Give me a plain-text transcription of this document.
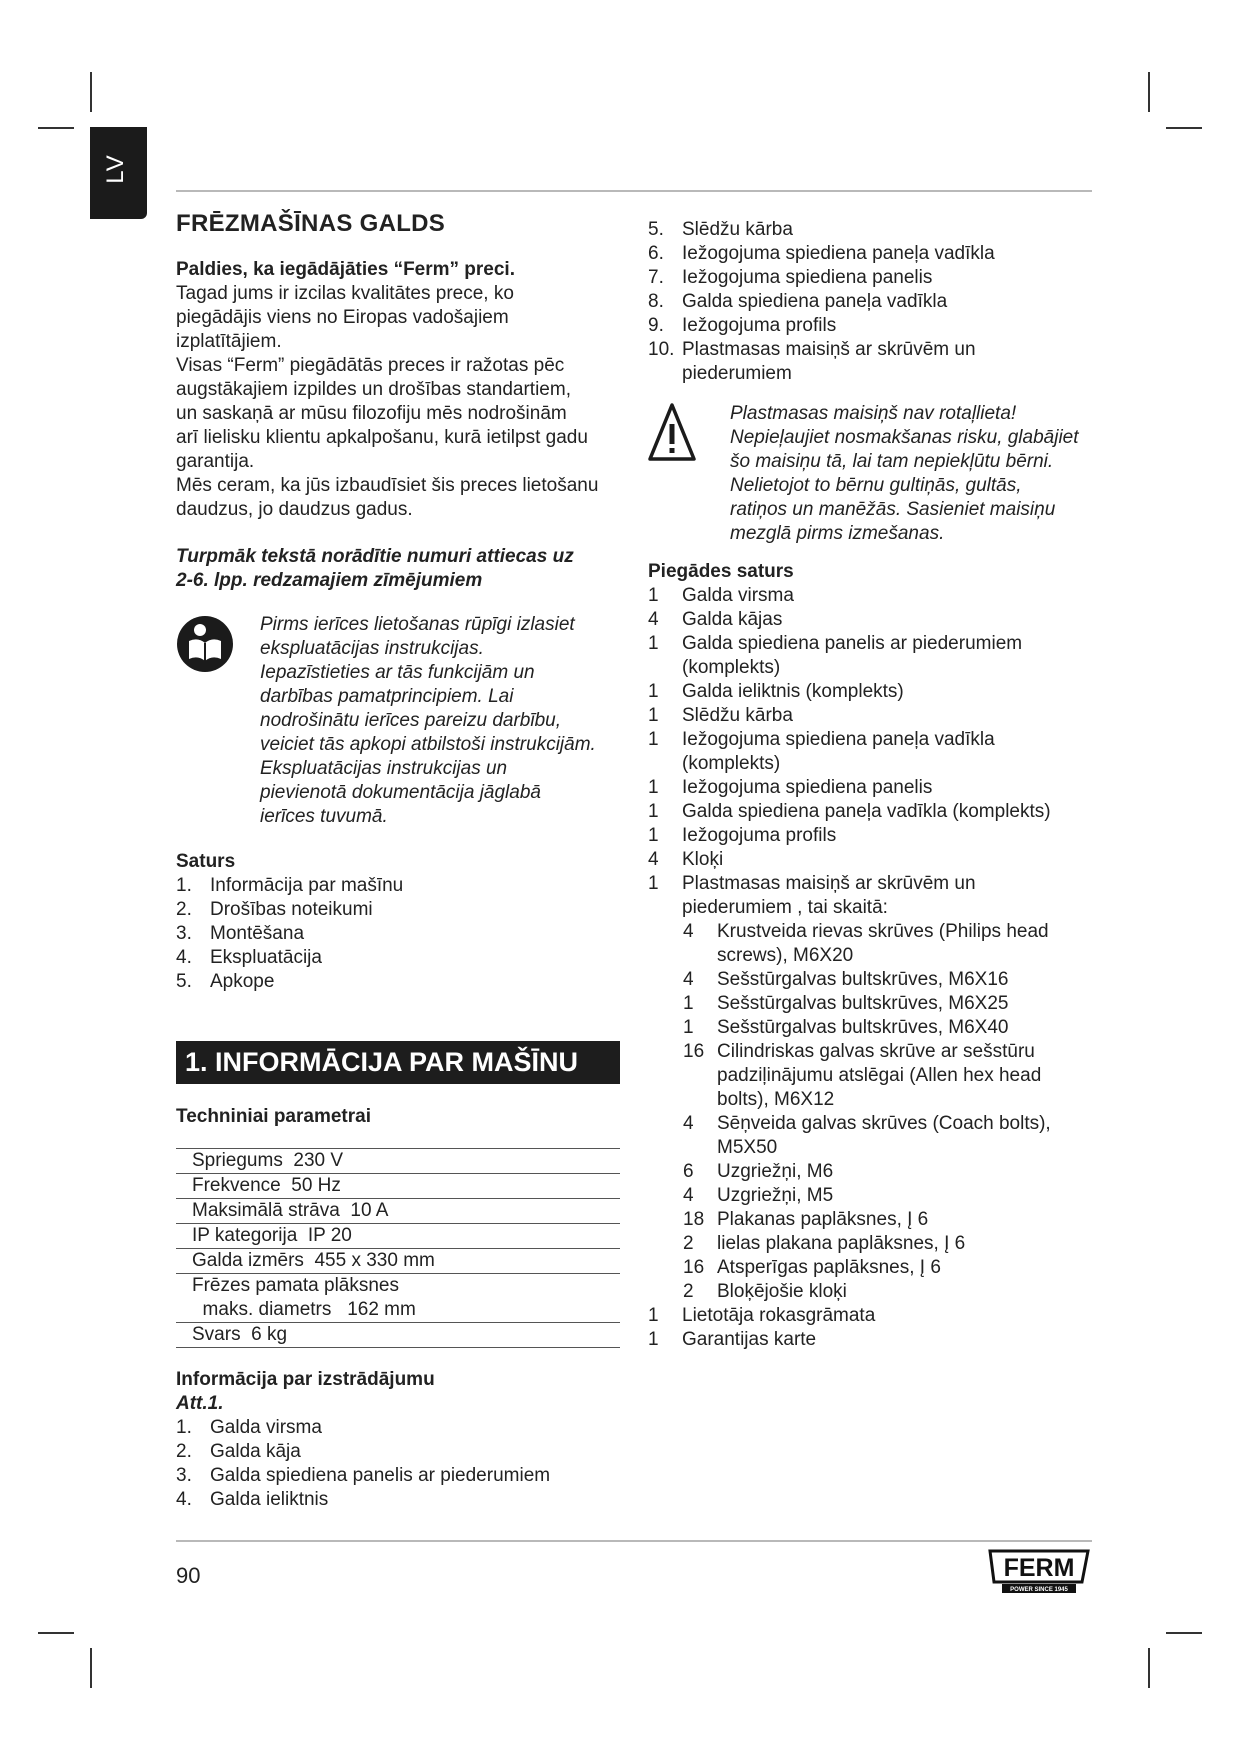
LV
FRĒZMAŠĪNAS GALDS

Paldies, ka iegādājāties “Ferm” preci.

Tagad jums ir izcilas kvalitātes prece, ko

piegādājis viens no Eiropas vadošajiem

izplatītājiem.

Visas “Ferm” piegādātās preces ir ražotas pēc

augstākajiem izpildes un drošības standartiem,

un saskaņā ar mūsu filozofiju mēs nodrošinām

arī lielisku klientu apkalpošanu, kurā ietilpst gadu

garantija.

Mēs ceram, ka jūs izbaudīsiet šis preces lietošanu

daudzus, jo daudzus gadus.

Turpmāk tekstā norādītie numuri attiecas uz

2-6. lpp. redzamajiem zīmējumiem

Pirms ierīces lietošanas rūpīgi izlasiet

ekspluatācijas instrukcijas.

Iepazīstieties ar tās funkcijām un

darbības pamatprincipiem. Lai

nodrošinātu ierīces pareizu darbību,

veiciet tās apkopi atbilstoši instrukcijām.

Ekspluatācijas instrukcijas un

pievienotā dokumentācija jāglabā

ierīces tuvumā.

Saturs

1. Informācija par mašīnu
2. Drošības noteikumi
3. Montēšana
4. Ekspluatācija
5. Apkope
1. INFORMĀCIJA PAR MAŠĪNU

Techniniai parametrai

Spriegums  230 V
Frekvence  50 Hz
Maksimālā strāva  10 A
IP kategorija  IP 20
Galda izmērs  455 x 330 mm
Frēzes pamata plāksnes
maks. diametrs   162 mm
Svars  6 kg

Informācija par izstrādājumu

Att.1.

1. Galda virsma
2. Galda kāja
3. Galda spiediena panelis ar piederumiem
4. Galda ieliktnis
5. Slēdžu kārba
6. Iežogojuma spiediena paneļa vadīkla
7. Iežogojuma spiediena panelis
8. Galda spiediena paneļa vadīkla
9. Iežogojuma profils
10. Plastmasas maisiņš ar skrūvēm un
piederumiem

Plastmasas maisiņš nav rotaļlieta!

Nepieļaujiet nosmakšanas risku, glabājiet

šo maisiņu tā, lai tam nepiekļūtu bērni.

Nelietojot to bērnu gultiņās, gultās,

ratiņos un manēžās. Sasieniet maisiņu

mezglā pirms izmešanas.

Piegādes saturs

1	Galda virsma
4	Galda kājas
1	Galda spiediena panelis ar piederumiem
(komplekts)
1	Galda ieliktnis (komplekts)
1	Slēdžu kārba
1	Iežogojuma spiediena paneļa vadīkla
(komplekts)
1	Iežogojuma spiediena panelis
1	Galda spiediena paneļa vadīkla (komplekts)
1	Iežogojuma profils
4	Kloķi
1	Plastmasas maisiņš ar skrūvēm un
piederumiem , tai skaitā:
4	Krustveida rievas skrūves (Philips head
screws), M6X20
4	Sešstūrgalvas bultskrūves, M6X16
1	Sešstūrgalvas bultskrūves, M6X25
1	Sešstūrgalvas bultskrūves, M6X40
16 Cilindriskas galvas skrūve ar sešstūru
padziļinājumu atslēgai (Allen hex head
bolts), M6X12
4	Sēņveida galvas skrūves (Coach bolts),
M5X50
6	Uzgriežņi, M6
4	Uzgriežņi, M5
18 Plakanas paplāksnes, Į 6
2	lielas plakana paplāksnes, Į 6
16 Atsperīgas paplāksnes, Į 6
2	Bloķējošie kloķi
1	Lietotāja rokasgrāmata
1	Garantijas karte
90	FERM
POWER SINCE 1945
